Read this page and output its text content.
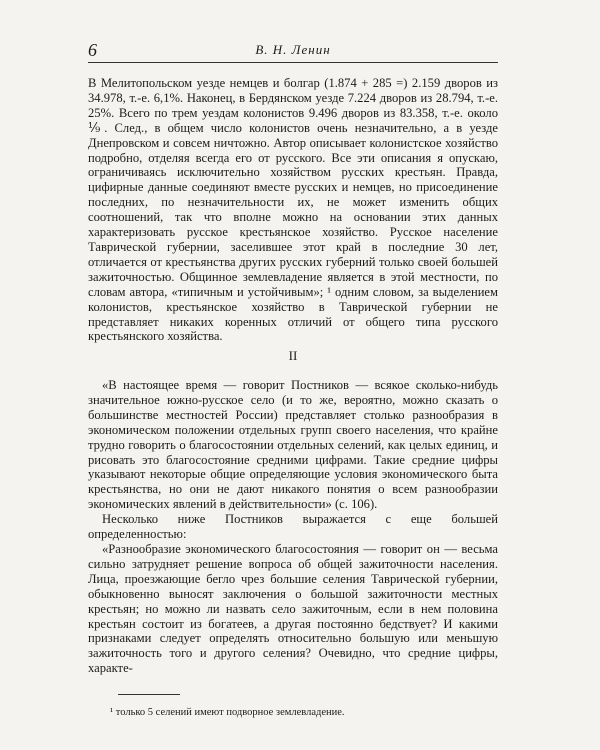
6	В. Н. Ленин

В Мелитопольском уезде немцев и болгар (1.874 + 285 =) 2.159 дворов из 34.978, т.-е. 6,1%. Наконец, в Бердянском уезде 7.224 дворов из 28.794, т.-е. 25%. Всего по трем уездам колонистов 9.496 дворов из 83.358, т.-е. около ⅑. След., в общем число колонистов очень незначительно, а в уезде Днепровском и совсем ничтожно. Автор описывает колонистское хозяйство подробно, отделяя всегда его от русского. Все эти описания я опускаю, ограничиваясь исключительно хозяйством русских крестьян. Правда, цифирные данные соединяют вместе русских и немцев, но присоединение последних, по незначительности их, не может изменить общих соотношений, так что вполне можно на основании этих данных характеризовать русское крестьянское хозяйство. Русское население Таврической губернии, заселившее этот край в последние 30 лет, отличается от крестьянства других русских губерний только своей большей зажиточностью. Общинное землевладение является в этой местности, по словам автора, «типичным и устойчивым»; ¹ одним словом, за выделением колонистов, крестьянское хозяйство в Таврической губернии не представляет никаких коренных отличий от общего типа русского крестьянского хозяйства.

II

«В настоящее время — говорит Постников — всякое сколько-нибудь значительное южно-русское село (и то же, вероятно, можно сказать о большинстве местностей России) представляет столько разнообразия в экономическом положении отдельных групп своего населения, что крайне трудно говорить о благосостоянии отдельных селений, как целых единиц, и рисовать это благосостояние средними цифрами. Такие средние цифры указывают некоторые общие определяющие условия экономического быта крестьянства, но они не дают никакого понятия о всем разнообразии экономических явлений в действительности» (с. 106).

Несколько ниже Постников выражается с еще большей определенностью:

«Разнообразие экономического благосостояния — говорит он — весьма сильно затрудняет решение вопроса об общей зажиточности населения. Лица, проезжающие бегло чрез большие селения Таврической губернии, обыкновенно выносят заключения о большой зажиточности местных крестьян; но можно ли назвать село зажиточным, если в нем половина крестьян состоит из богатеев, а другая постоянно бедствует? И какими признаками следует определять относительно большую или меньшую зажиточность того и другого селения? Очевидно, что средние цифры, характе-

¹ только 5 селений имеют подворное землевладение.
